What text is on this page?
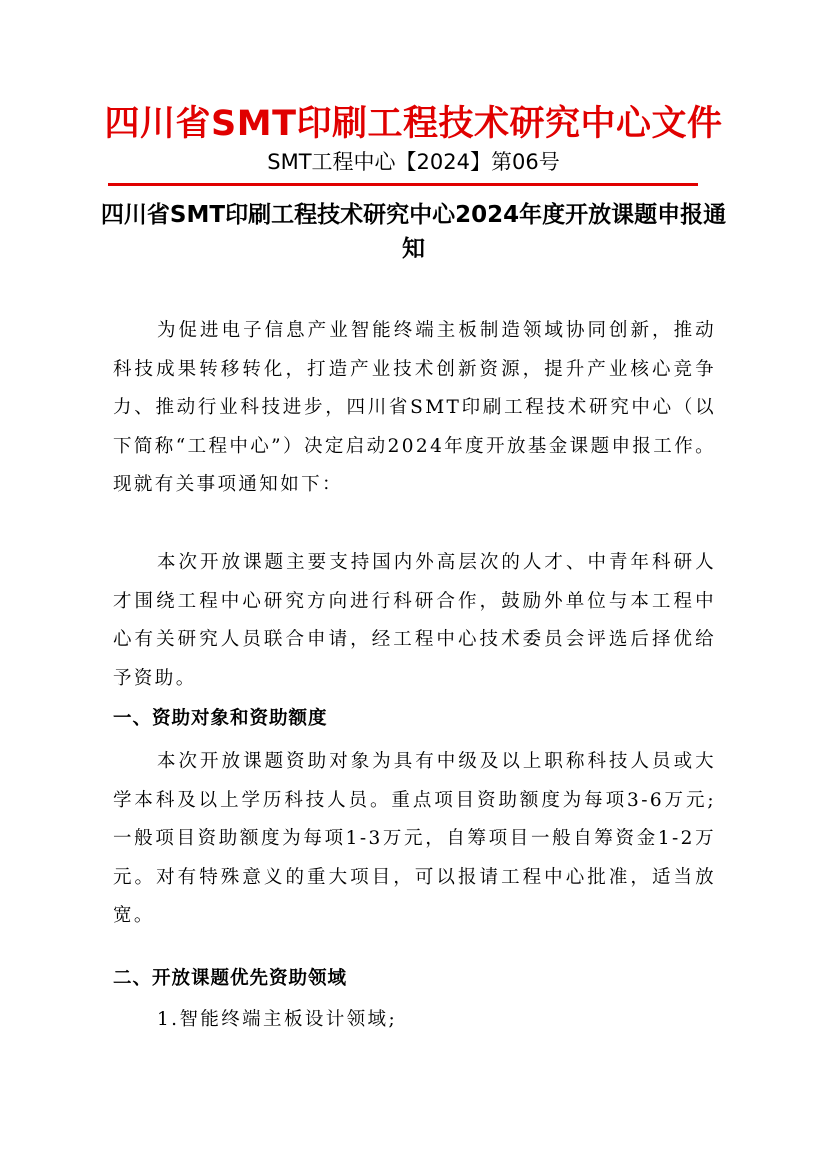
四川省SMT印刷工程技术研究中心文件
SMT工程中心【2024】第06号
四川省SMT印刷工程技术研究中心2024年度开放课题申报通知
为促进电子信息产业智能终端主板制造领域协同创新，推动科技成果转移转化，打造产业技术创新资源，提升产业核心竞争力、推动行业科技进步，四川省SMT印刷工程技术研究中心（以下简称“工程中心”）决定启动2024年度开放基金课题申报工作。现就有关事项通知如下：
本次开放课题主要支持国内外高层次的人才、中青年科研人才围绕工程中心研究方向进行科研合作，鼓励外单位与本工程中心有关研究人员联合申请，经工程中心技术委员会评选后择优给予资助。
一、资助对象和资助额度
本次开放课题资助对象为具有中级及以上职称科技人员或大学本科及以上学历科技人员。重点项目资助额度为每项3-6万元;一般项目资助额度为每项1-3万元，自筹项目一般自筹资金1-2万元。对有特殊意义的重大项目，可以报请工程中心批准，适当放宽。
二、开放课题优先资助领域
1.智能终端主板设计领域;
